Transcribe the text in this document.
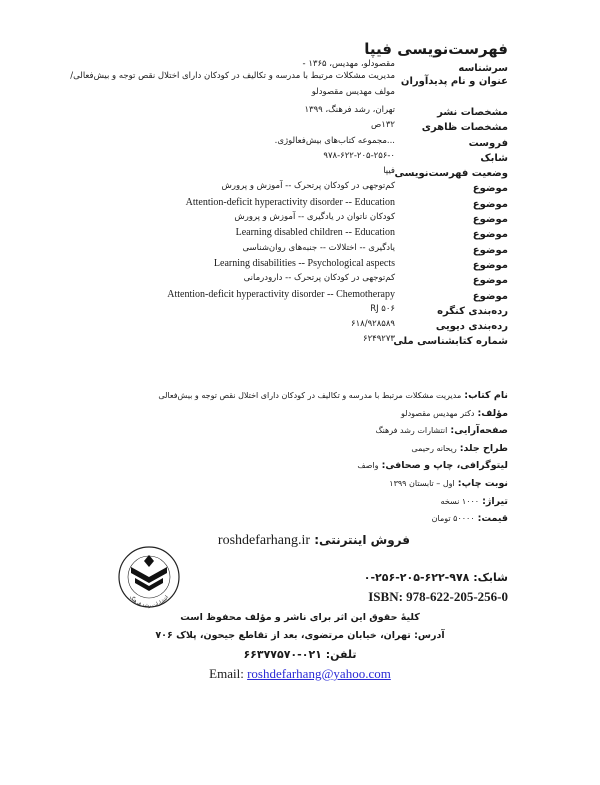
فهرست‌نویسی فیپا
سرشناسه
مقصودلو، مهدیس، ۱۳۶۵ -
عنوان و نام پدیدآوران
مدیریت مشکلات مرتبط با مدرسه و تکالیف در کودکان دارای اختلال نقص توجه و بیش‌فعالی/
مولف مهدیس مقصودلو
مشخصات نشر
تهران، رشد فرهنگ، ۱۳۹۹
مشخصات ظاهری
۱۳۲ص
فروست
...مجموعه کتاب‌های بیش‌فعالوژی.
شابک
۹۷۸-۶۲۲-۲۰۵-۲۵۶-۰
وضعیت فهرست‌نویسی
فیپا
موضوع
کم‌توجهی در کودکان پرتحرک -- آموزش و پرورش
موضوع
Attention-deficit hyperactivity disorder -- Education
موضوع
کودکان ناتوان در یادگیری -- آموزش و پرورش
موضوع
Learning disabled children -- Education
موضوع
یادگیری -- اختلالات -- جنبه‌های روان‌شناسی
موضوع
Learning disabilities -- Psychological aspects
موضوع
کم‌توجهی در کودکان پرتحرک -- دارودرمانی
موضوع
Attention-deficit hyperactivity disorder -- Chemotherapy
رده‌بندی کنگره
RJ ۵۰۶
رده‌بندی دیویی
۶۱۸/۹۲۸۵۸۹
شماره کتابشناسی ملی
۶۲۴۹۲۷۳
نام کتاب: مدیریت مشکلات مرتبط با مدرسه و تکالیف در کودکان دارای اختلال نقص توجه و بیش‌فعالی
مؤلف: دکتر مهدیس مقصودلو
صفحه‌آرایی: انتشارات رشد فرهنگ
طراح جلد: ریحانه رحیمی
لیتوگرافی، چاپ و صحافی: واصف
نوبت چاپ: اول – تابستان ۱۳۹۹
تیراژ: ۱۰۰۰ نسخه
قیمت: ۵۰۰۰۰ تومان
فروش اینترنتی: roshdefarhang.ir
شابک: ۹۷۸-۶۲۲-۲۰۵-۲۵۶-۰
ISBN: 978-622-205-256-0
انتشارات رشد فرهنگ
کلیهٔ حقوق این اثر برای ناشر و مؤلف محفوظ است
آدرس: تهران، خیابان مرتضوی، بعد از تقاطع جیحون، پلاک ۷۰۶
تلفن: ۰۲۱-۶۶۳۷۷۵۷۰
Email: roshdefarhang@yahoo.com
